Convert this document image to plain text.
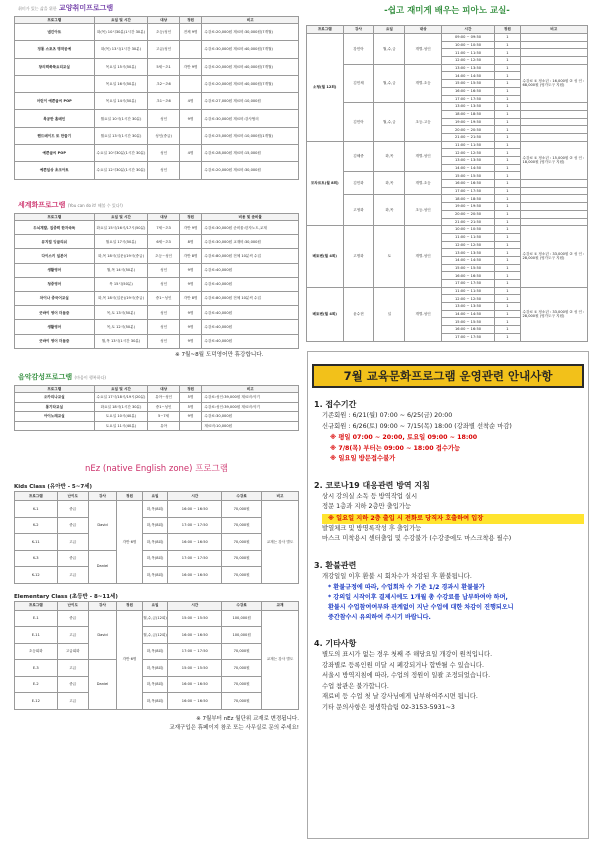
취미가 있는 삶을 위한 교양취미프로그램
프로그램	요일 및 시간	대상	정원	비고
냅킨아트	화(목) 10시30분(1시간 30분)	초등/성인	전체 9명	수강료:20,000원 재료비:30,000원(7개월)
정통 스포츠 명작공예	화(목) 13시(1시간 30분)	고급/성인		수강료:30,000원 재료비:40,000원(7개월)
창의력쑥쑥요리교실	목요일 15시(50분)	5세~초1	각반 9명	수강료:20,000원 재료비:40,000원(7개월)
	목요일 16시(50분)	초2~초6		수강료:20,000원 재료비:40,000원(7개월)
어린이 예쁜글씨 POP	목요일 14시(50분)	초1~초6	4명	수강료:27,000원 재료비:10,000원
목공반 홈메인	월요일 10시(1시간 30분)	성인	9명	수강료:30,000원 재료비:강사협의
핸드메이드 또 만들기	월요일 13시(1시간 30분)	성인(중급)		수강료:25,000원 재료비:10,000원(1개월)
예쁜글씨 POP	수요일 10시30분(1시간 30분)	성인	4명	수강료:28,000원 재료비:15,000원
예쁜일상 초크아트	수요일 12시30분(1시간 30분)	성인		수강료:20,000원 재료비:30,000원
세계화프로그램 (You can do it! 해볼 수 있다!)
프로그램	요일 및 시간	대상	정원	비용 및 준비물
두뇌계발, 집중력 한자속독	화요일 15시/16시/17시(50분)	7세~초3	각반 9명	수강료:30,000원 준비물:한자노트,교재
뮤지컬 잉글리쉬	월요일 17시(50분)	6세~초3	8명	수강료:30,000원 교재비:30,000원
다이스키 일본어	화,목 18시(입문)/19시(중급)	초등~성인	각반 8명	수강료:80,000원 전체 10분씩 수업
생활영어	월,목 14시(50분)	성인	9명	수강료:40,000원
청중영어	목 15시(50분)	성인	9명	수강료:40,000원
차이나 중국어교실	화,목 18시(입문)/19시(중급)	중1~성인	각반 8명	수강료:80,000원 전체 10분씩 수업
굿바이 영어 더듬증	목,토 13시(50분)	성인	9명	수강료:40,000원
생활영어	목,토 12시(50분)	성인	9명	수강료:40,000원
굿바이 영어 더듬증	월,목 13시(1시간 30분)	성인	9명	수강료:40,000원
※ 7월~8월 도덕영어만 휴강합니다.
음악감성프로그램 (마음이 행복하다)
프로그램	요일 및 시간	대상	정원	비고
오카리나교실	수요일 17시/18시/19시(20분)	유아~성인	5명	수강료:성인:39,000원 재료비:악기
통기타교실	화요일 18시(1시간 30분)	중1~성인	5명	수강료:성인:39,000원 재료비:악기
아이노래교실	토요일 10시(40분)	5~7세	9명	수강료:30,000원
	토요일 11시(40분)	유아		재료비:10,000원
nEz (native English zone) 프로그램
Kids Class (유아반 - 5~7세)
프로그램	난이도	강사	정원	요일	시간	수강료	비고
K-1	중급	David	각반 6명	화,목(8회)	16:00 ~ 16:50	70,000원	교재는 강사 별도
K-2	중급			화,목(8회)	17:00 ~ 17:50	70,000원	
K-11	고급			화,목(8회)	16:00 ~ 16:50	70,000원	
K-3	중급	Daniel		화,목(8회)	17:00 ~ 17:50	70,000원	
K-12	고급			화,목(8회)	16:00 ~ 16:50	70,000원	
Elementary Class (초등반 - 8~11세)
프로그램	난이도	강사	정원	요일	시간	수강료	교재
E-1	중급	David	각반 6명	월,수,금(12회)	15:00 ~ 15:50	100,000원	교재는 강사 별도
E-11	고급			월,수,금(12회)	16:00 ~ 16:50	100,000원	
초등회화	고급회화			화,목(8회)	17:00 ~ 17:50	70,000원	
E-3	고급	Daniel		화,목(8회)	15:00 ~ 15:50	70,000원	
E-2	중급			화,목(8회)	16:00 ~ 16:50	70,000원	
E-12	고급			화,목(8회)	16:00 ~ 16:50	70,000원	
※ 7월부터 nEz 월단위 교재로 변경됩니다.
교재구입은 휴페이지 참조 또는 사무실로 문의 주세요!
-쉽고 재미게 배우는 피아노 교실-
프로그램	강사	요일	대상	시간	정원	비고
소형(월 12회)	강민아	월,수,금	개별-성인	09:00 ~ 09:50	1	
				10:00 ~ 10:50	1	
				11:00 ~ 11:50	1	
				12:00 ~ 12:50	1	
	김민채	월,수,금	개별-초등	13:00 ~ 13:50	1	수강료 ① 정소년 : 16,000원 ② 성 인 : 68,000원 (영가도구 지원)
				14:00 ~ 14:50	1	
				15:00 ~ 15:50	1	
				16:00 ~ 16:50	1	
				17:00 ~ 17:50	1	
	김민아	월,수,금	초등-고등	13:00 ~ 13:50	1	
				18:00 ~ 18:50	1	
				19:00 ~ 19:50	1	
				20:00 ~ 20:50	1	
				21:00 ~ 21:50	1	
모차르트(월 8회)	김혜중	화,목	개별-성인	11:00 ~ 11:50	1	수강료 ① 정소년 : 15,000원 ② 성 인 : 18,000원 (영가도구 지원)
				12:00 ~ 12:50	1	
				13:00 ~ 13:50	1	
				14:00 ~ 14:50	1	
	김민화	화,목	개별-초등	15:00 ~ 15:50	1	
				16:00 ~ 16:50	1	
				17:00 ~ 17:50	1	
	고영화	화,목	초등-성인	18:00 ~ 18:50	1	
				19:00 ~ 19:50	1	
				20:00 ~ 20:50	1	
				21:00 ~ 21:50	1	
베토벤(월 4회)	고명화	토	개별-성인	10:00 ~ 10:50	1	수강료 ① 정소년 : 33,000원 ② 성 인 : 28,000원 (영가도구 지원)
				11:00 ~ 11:50	1	
				12:00 ~ 12:50	1	
				13:00 ~ 13:50	1	
				14:00 ~ 14:50	1	
				15:00 ~ 15:50	1	
				16:00 ~ 16:50	1	
				17:00 ~ 17:50	1	
베토벤(월 4회)	윤수현	일	개별-성인	11:00 ~ 11:50	1	수강료 ① 정소년 : 33,000원 ② 성 인 : 28,000원 (영가도구 지원)
				12:00 ~ 12:50	1	
				13:00 ~ 13:50	1	
				14:00 ~ 14:50	1	
				15:00 ~ 15:50	1	
				16:00 ~ 16:50	1	
				17:00 ~ 17:50	1	
7월 교육문화프로그램 운영관련 안내사항
1. 접수기간
기존회원 : 6/21(월) 07:00 ~ 6/25(금) 20:00
신규회원 : 6/26(토) 09:00 ~ 7/15(목) 18:00 (강좌별 선착순 마감)
※ 평일 07:00 ~ 20:00, 토요일 09:00 ~ 18:00
※ 7/8(목) 부터는 09:00 ~ 18:00 접수가능
※ 일요일 방문접수불가
2. 코로나19 대응관련 방역 지침
상시 강의실 소독 등 방역작업 실시
정문 1층과 지하 2층만 출입가능
※ 일요일 지하 2층 출입 시 전화로 당직자 호출하여 입장
발열체크 및 방명록작성 후 출입가능
마스크 미착용시 센터출입 및 수강불가 (수강중에도 마스크착용 필수)
3. 환불관련
개강일일 이후 환불 시 회차수가 차감된 후 환불됩니다.
* 환불규정에 따라, 수업회차 수 기준 1/2 경과시 환불불가
* 강의일 시작이후 결제시에도 1개월 총 수강료를 납부하여야 하며,
환불시 수업참여여부와 관계없이 지난 수업에 대한 차감이 진행되오니
중간참수시 유의하여 주시기 바랍니다.
4. 기타사항
별도의 표시가 없는 경우 첫째 주 해당요일 개강이 원칙입니다.
강좌별로 등록인원 미달 시 폐강되거나 합반될 수 있습니다.
서울시 방역지침에 따라, 수업의 정원이 일괄 조정되었습니다.
수업 참관은 불가합니다.
재료비 등 수업 첫 날 강사님에게 납부하여주시면 됩니다.
기타 문의사항은 평생학습팀 02-3153-5931~3
